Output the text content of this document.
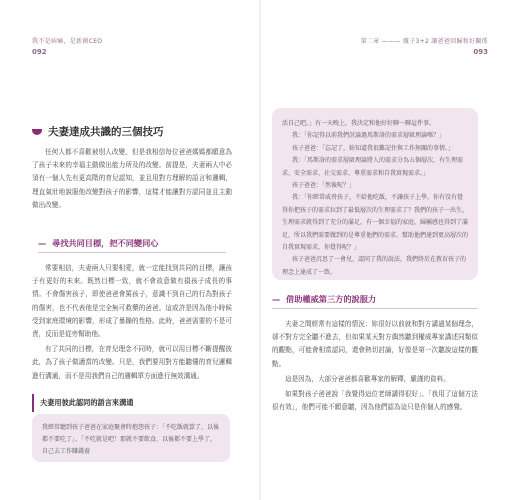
我不是病痛，是新創CEO
092
夫妻達成共識的三個技巧

任何人都不喜歡被別人改變，但是我相信每位爸爸媽媽都願意為了孩子未來的幸福主動做出能力所及的改變。前提是，夫妻兩人中必須有一個人先有更高階的育兒認知，並且用對方理解的語言和邏輯，理直氣壯地說服他改變對孩子的影響，這樣才能讓對方認同並且主動做出改變。

— 尋找共同目標，把不同變同心

常要相信，夫妻兩人只要相愛，就一定能找到共同的目標，讓孩子有更好的未來。既然目標一致，就不會故意做有損孩子成長的事情。不會傷害孩子，即使爸爸會罵孩子，意識不到自己的行為對孩子的傷害，也不代表他是完全無可救藥的爸爸。這或許是因為他小時候受到家庭環境的影響，形成了暴躁的性格。此時，爸爸需要的不是可責，反而是從旁幫助他。

有了共同的目標，在育兒理念不同時，就可以用目標不斷提醒彼此，為了孩子做適當的改變。只是，我們要用對方能聽懂的育兒邏輯進行溝通，而不是用我們自己的邏輯單方面進行無效溝通。

夫妻用彼此認同的語言來溝通
我經常聽到孩子爸爸在家庭聚會時抱怨孩子：「不吃飯就算了，以後都不要吃了」、「不吃就是吧！那就不要飲食，以後都不要上學了，自己去工作賺錢養
第二章 ——— 親子3+2 讓爸爸回歸和好關係
093

活自己吧。」有一天晚上，我決定和他好好聊一聊這件事。

我：「你記得以前我們討論過馬斯洛的需求層級理論嗎？」

孩子爸爸：「忘記了，妳知道我很難記住與工作無關的事情。」

我：「馬斯洛的需求層級理論將人的需求分為五個層次，有生理需求、安全需求、社交需求、尊重需求和自我實現需求。」

孩子爸爸：「然後呢？」

我：「你經常威脅孩子，不給他吃飯，不讓孩子上學，你有沒有覺得你把孩子的需求拉到了最低層次的生理需求了？我們的孩子一出生，生理需求就得到了充分的滿足，有一個幸福的家庭，歸屬感也得到了滿足，所以我們需要做到的是尊重他們的需求，幫助他們達到更高層次的自我實現需求，你覺得呢？」

孩子爸爸沉思了一會兒，認同了我的說法，我們終於在教育孩子的理念上達成了一致。

— 借助權威第三方的說服力

夫妻之間經常有這樣的情況：妳很好以前就和對方講過某個理念，卻不對方完全聽不進去，但如果某天對方偶然聽到權威專家講述同類似的觀點，可能會相當認同，還會熱切討論，好像是第一次聽說這樣的觀點。

這是因為，大部分爸爸都喜歡專家的解釋，嚴謹的資料。

如果對孩子爸爸說「我覺得這位老師講得很好」、「我用了這個方法很有效」，他們可能不願意聽，因為他們認為這只是你個人的感覺。
